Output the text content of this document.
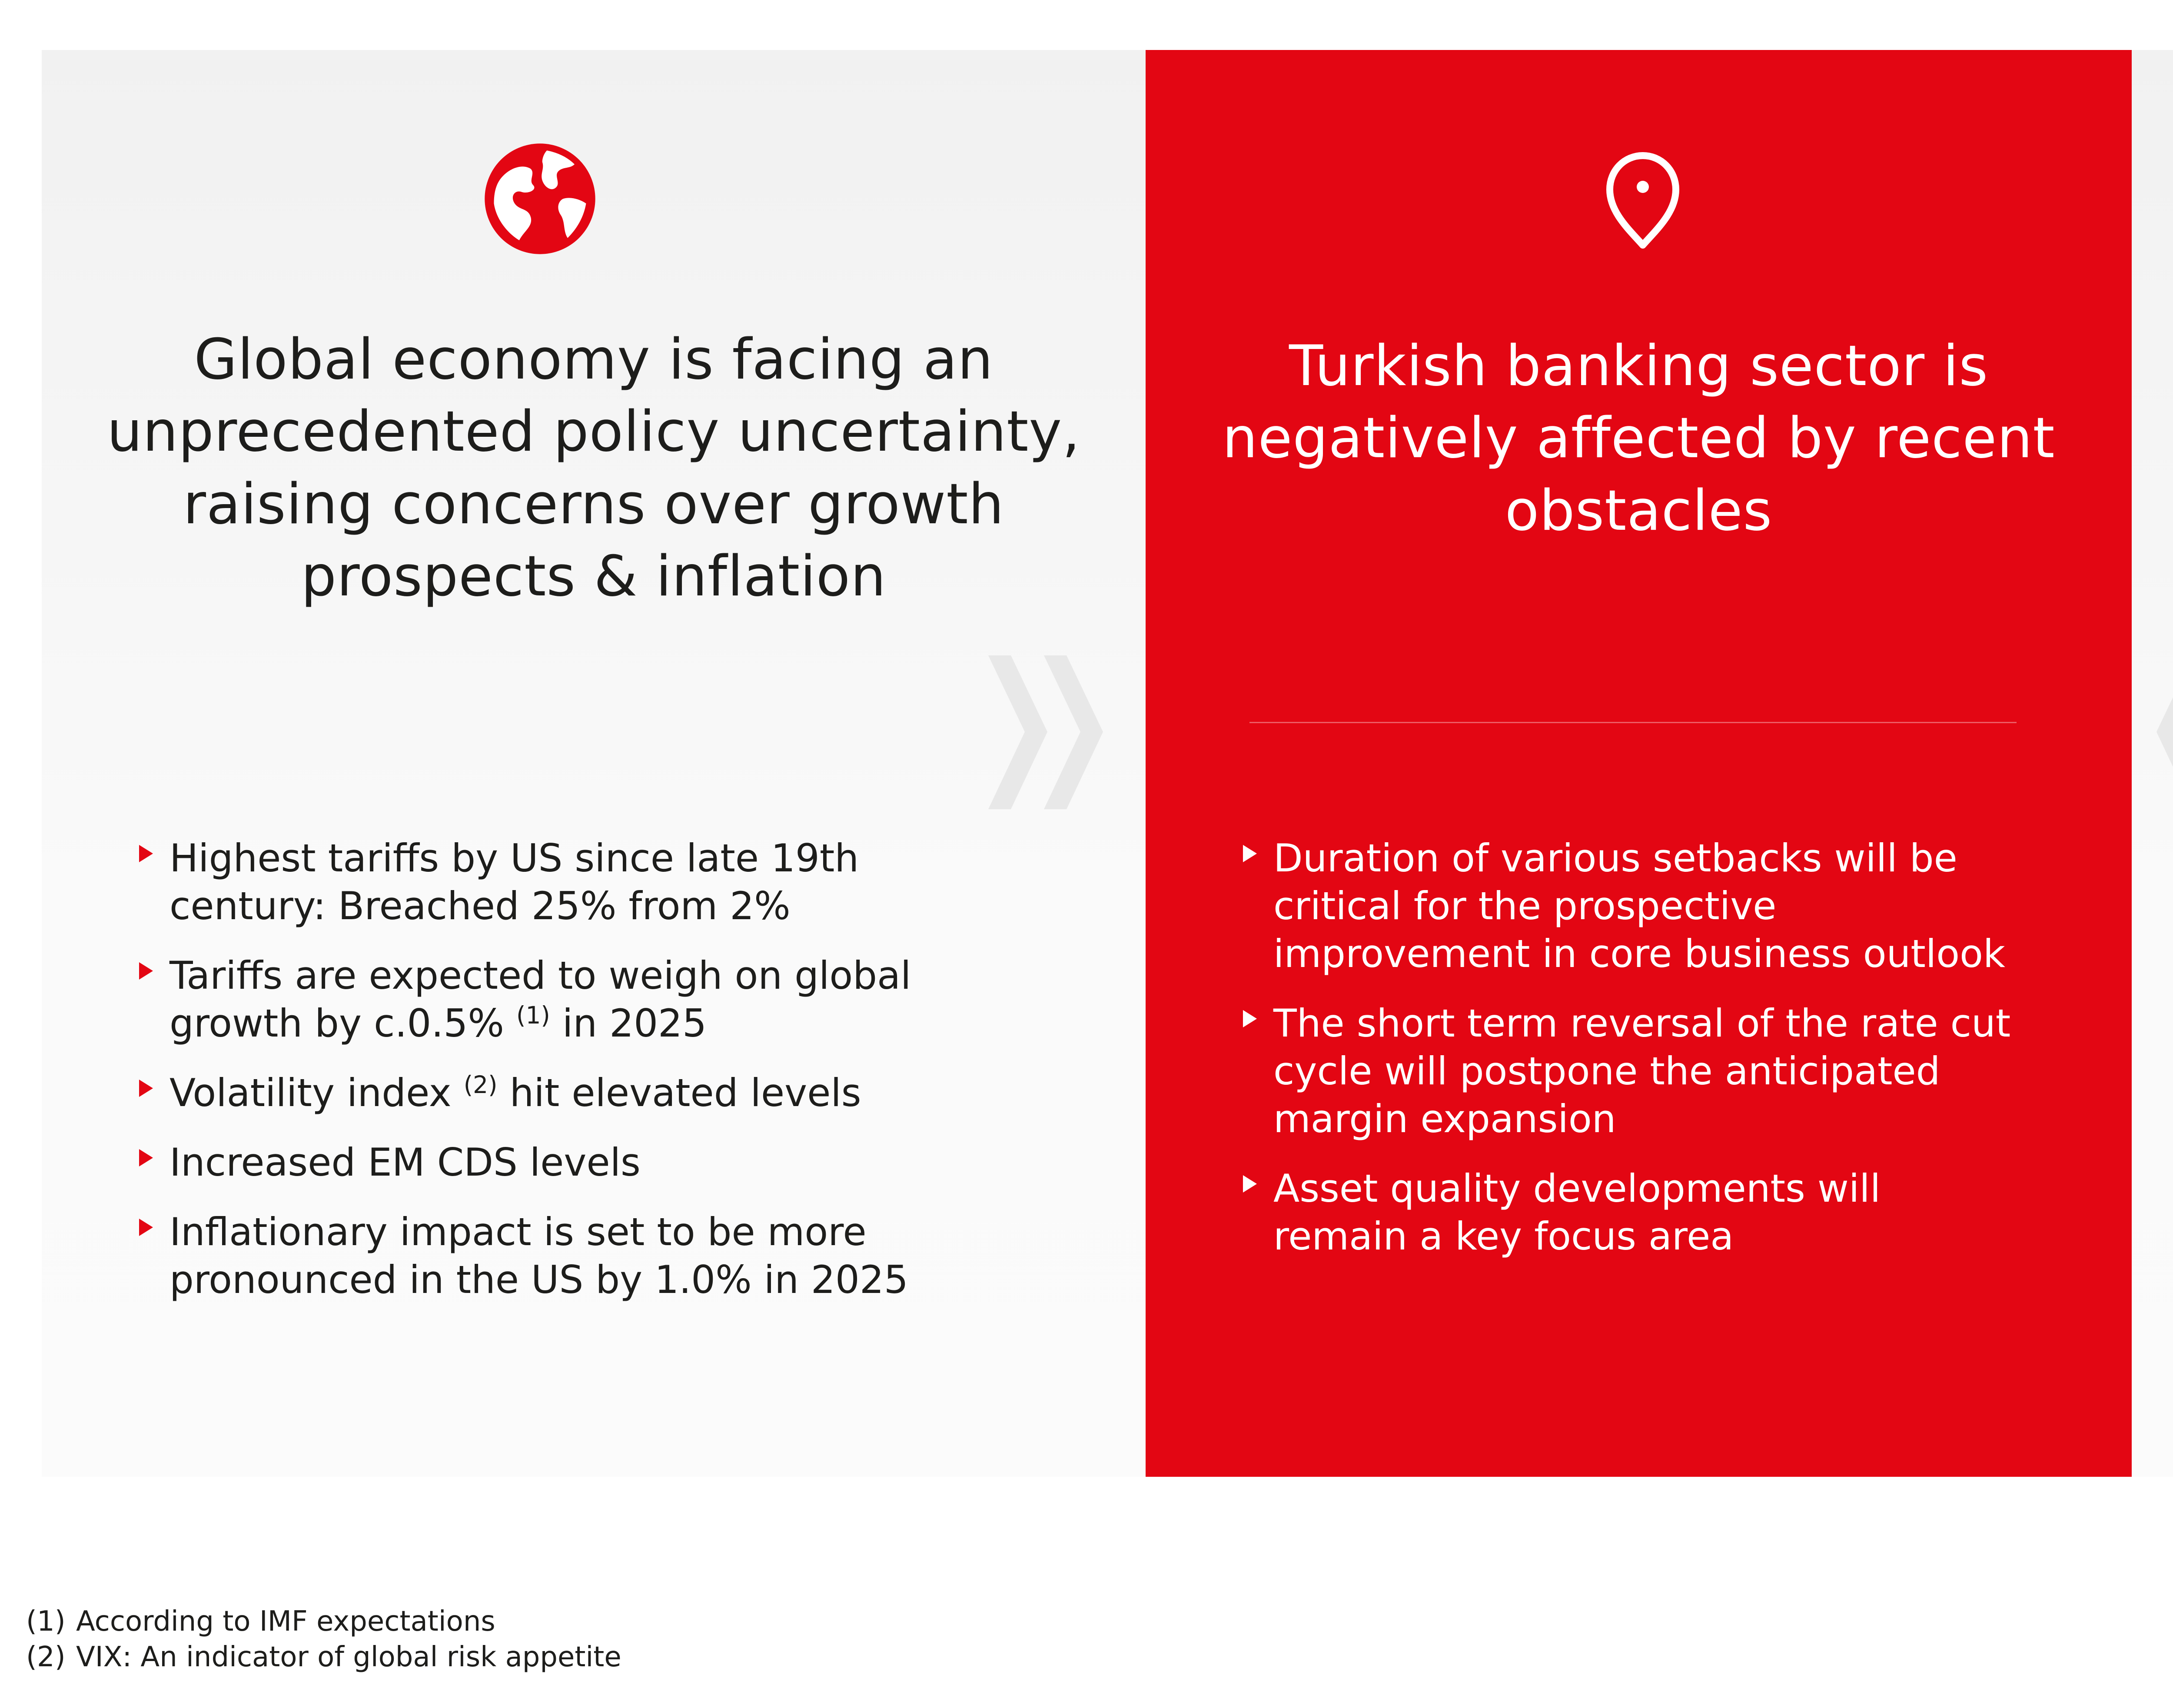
Global economy is facing an
unprecedented policy uncertainty,
raising concerns over growth
prospects & inflation
Turkish banking sector is
negatively affected by recent
obstacles
Highest tariffs by US since late 19th
century: Breached 25% from 2%
Tariffs are expected to weigh on global
growth by c.0.5% $^{(1)}$ in 2025
Volatility index $^{(2)}$ hit elevated levels
Increased EM CDS levels
Inflationary impact is set to be more
pronounced in the US by 1.0% in 2025
Duration of various setbacks will be
critical for the prospective
improvement in core business outlook
The short term reversal of the rate cut
cycle will postpone the anticipated
margin expansion
Asset quality developments will
remain a key focus area
(1) According to IMF expectations
(2) VIX: An indicator of global risk appetite
